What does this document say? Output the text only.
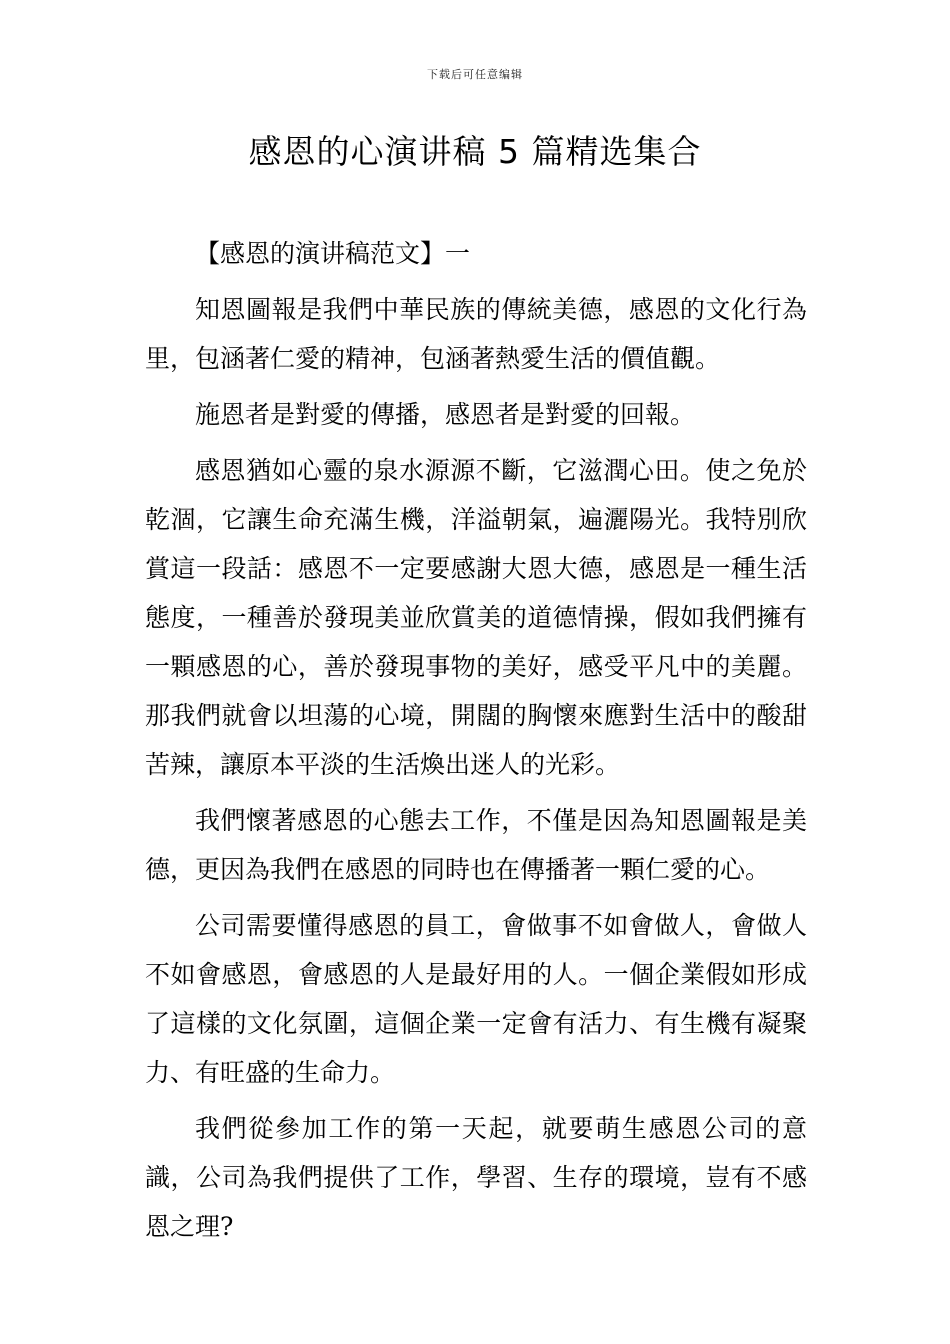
下载后可任意编辑
感恩的心演讲稿 5 篇精选集合

【感恩的演讲稿范文】一

知恩圖報是我們中華民族的傳統美德，感恩的文化行為里，包涵著仁愛的精神，包涵著熱愛生活的價值觀。

施恩者是對愛的傳播，感恩者是對愛的回報。

感恩猶如心靈的泉水源源不斷，它滋潤心田。使之免於乾涸，它讓生命充滿生機，洋溢朝氣，遍灑陽光。我特別欣賞這一段話：感恩不一定要感謝大恩大德，感恩是一種生活態度，一種善於發現美並欣賞美的道德情操，假如我們擁有一顆感恩的心，善於發現事物的美好，感受平凡中的美麗。那我們就會以坦蕩的心境，開闊的胸懷來應對生活中的酸甜苦辣，讓原本平淡的生活煥出迷人的光彩。

我們懷著感恩的心態去工作，不僅是因為知恩圖報是美德，更因為我們在感恩的同時也在傳播著一顆仁愛的心。

公司需要懂得感恩的員工，會做事不如會做人，會做人不如會感恩，會感恩的人是最好用的人。一個企業假如形成了這樣的文化氛圍，這個企業一定會有活力、有生機有凝聚力、有旺盛的生命力。

我們從參加工作的第一天起，就要萌生感恩公司的意識，公司為我們提供了工作，學習、生存的環境，豈有不感恩之理?
